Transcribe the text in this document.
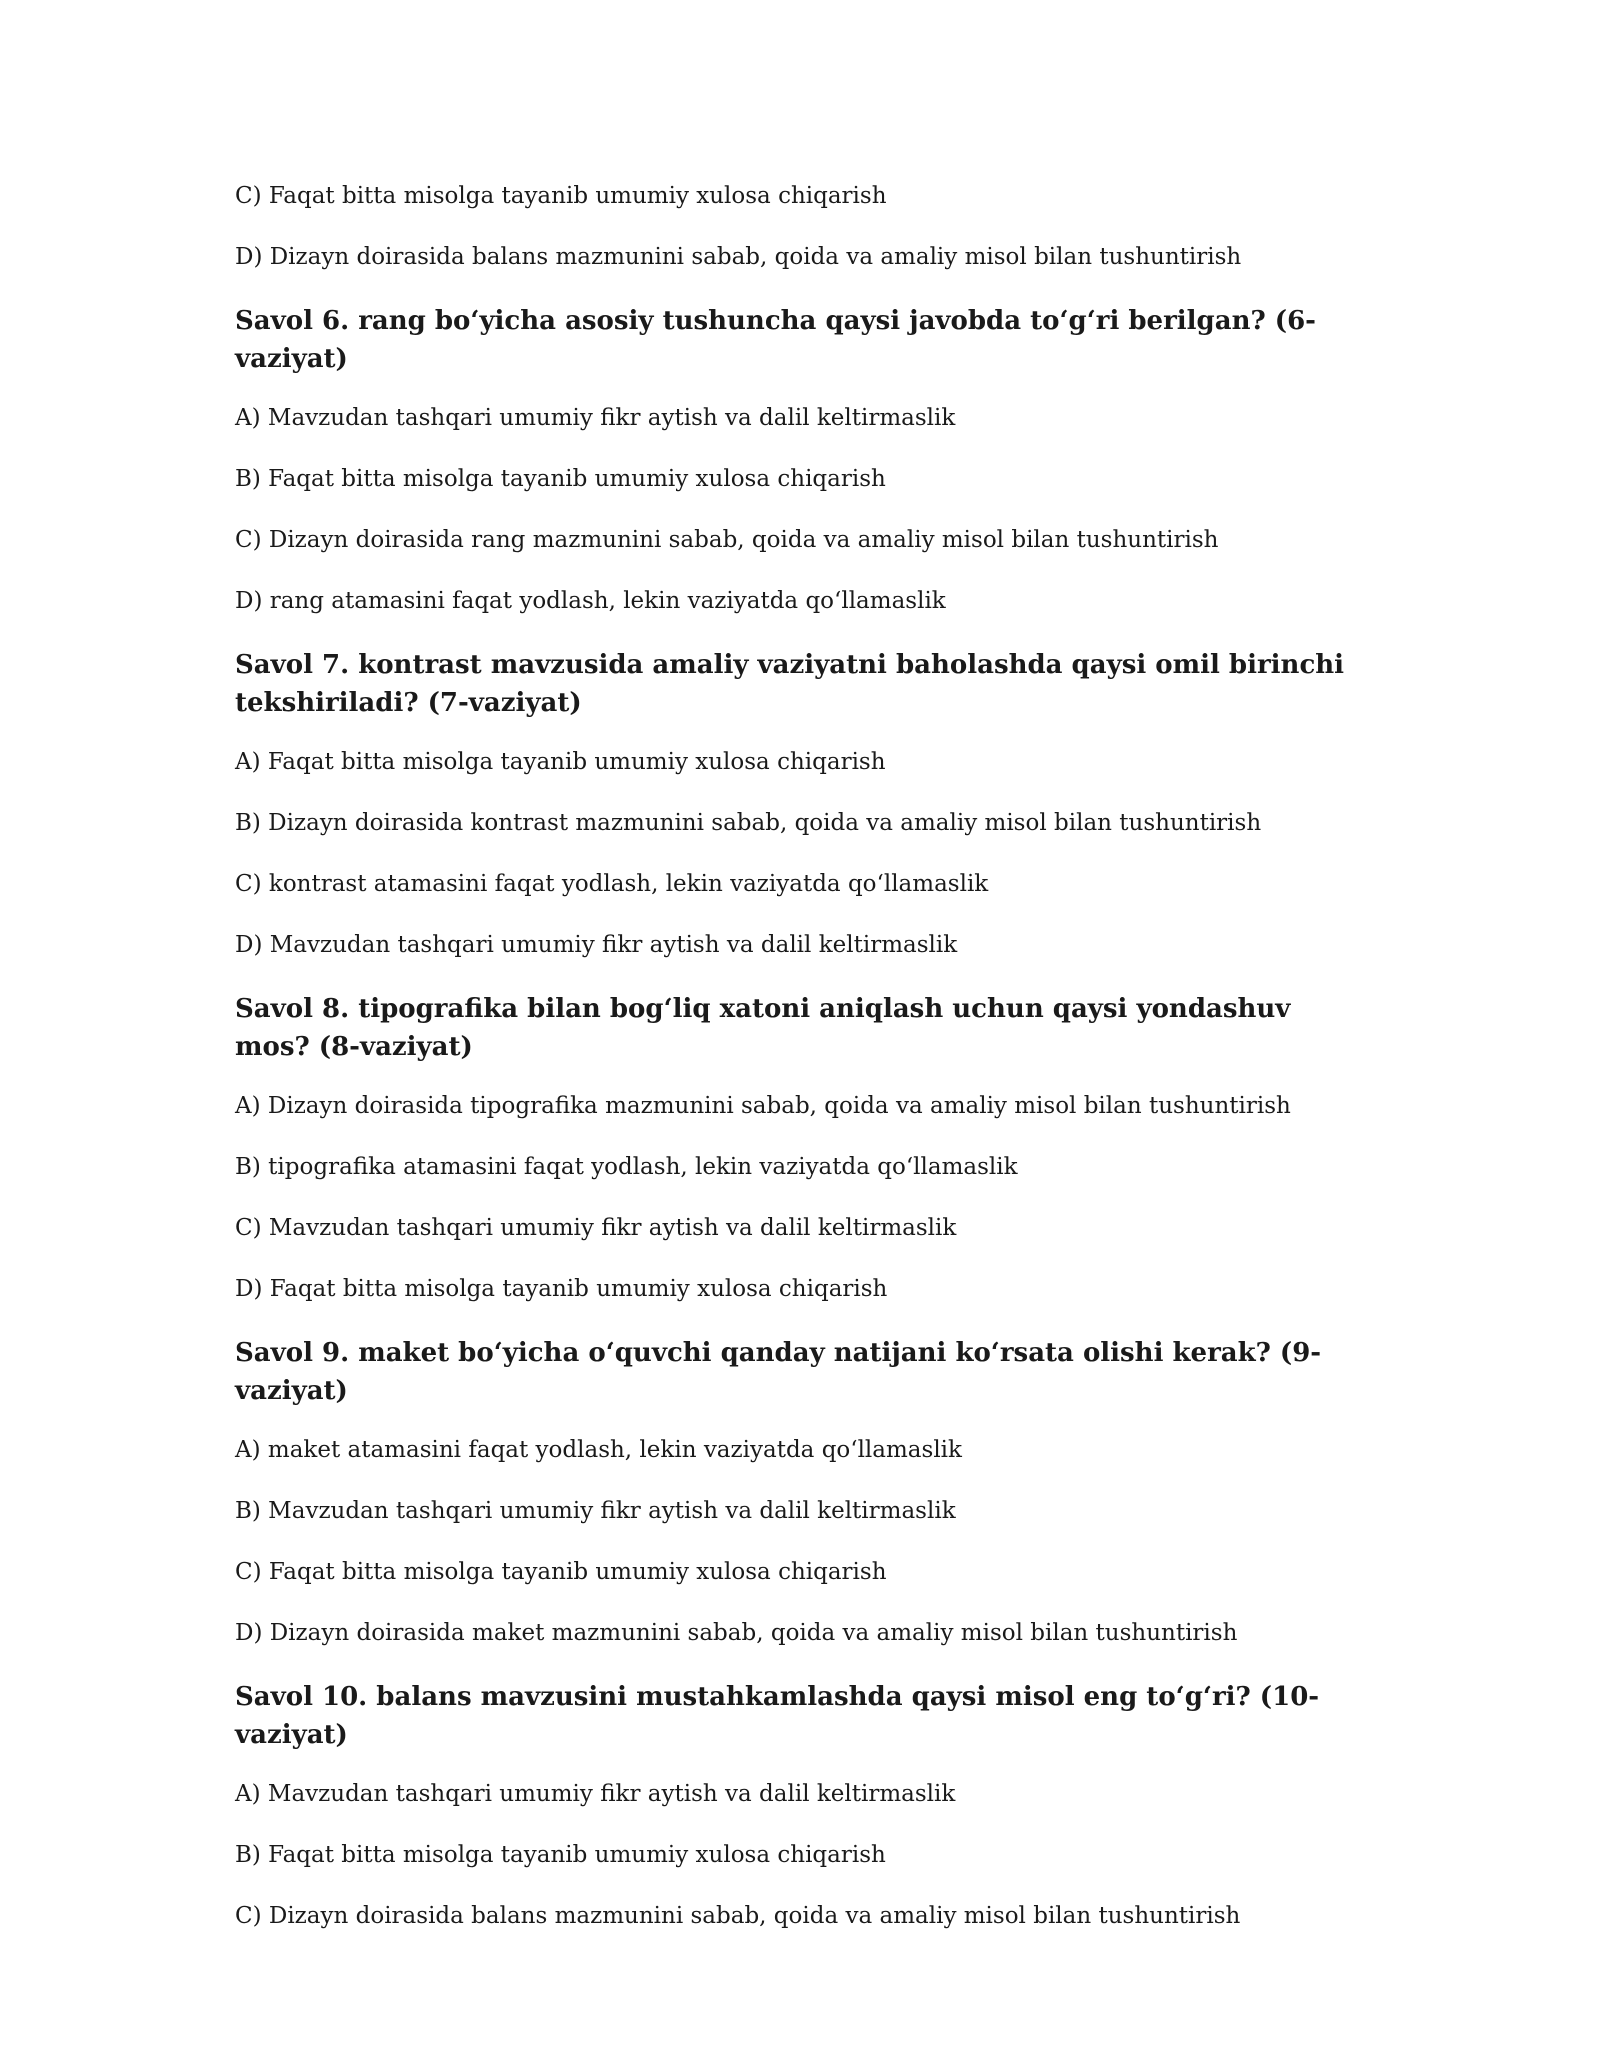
C) Faqat bitta misolga tayanib umumiy xulosa chiqarish

D) Dizayn doirasida balans mazmunini sabab, qoida va amaliy misol bilan tushuntirish

Savol 6. rang bo‘yicha asosiy tushuncha qaysi javobda to‘g‘ri berilgan? (6-vaziyat)

A) Mavzudan tashqari umumiy fikr aytish va dalil keltirmaslik

B) Faqat bitta misolga tayanib umumiy xulosa chiqarish

C) Dizayn doirasida rang mazmunini sabab, qoida va amaliy misol bilan tushuntirish

D) rang atamasini faqat yodlash, lekin vaziyatda qo‘llamaslik

Savol 7. kontrast mavzusida amaliy vaziyatni baholashda qaysi omil birinchi tekshiriladi? (7-vaziyat)

A) Faqat bitta misolga tayanib umumiy xulosa chiqarish

B) Dizayn doirasida kontrast mazmunini sabab, qoida va amaliy misol bilan tushuntirish

C) kontrast atamasini faqat yodlash, lekin vaziyatda qo‘llamaslik

D) Mavzudan tashqari umumiy fikr aytish va dalil keltirmaslik

Savol 8. tipografika bilan bog‘liq xatoni aniqlash uchun qaysi yondashuv mos? (8-vaziyat)

A) Dizayn doirasida tipografika mazmunini sabab, qoida va amaliy misol bilan tushuntirish

B) tipografika atamasini faqat yodlash, lekin vaziyatda qo‘llamaslik

C) Mavzudan tashqari umumiy fikr aytish va dalil keltirmaslik

D) Faqat bitta misolga tayanib umumiy xulosa chiqarish

Savol 9. maket bo‘yicha o‘quvchi qanday natijani ko‘rsata olishi kerak? (9-vaziyat)

A) maket atamasini faqat yodlash, lekin vaziyatda qo‘llamaslik

B) Mavzudan tashqari umumiy fikr aytish va dalil keltirmaslik

C) Faqat bitta misolga tayanib umumiy xulosa chiqarish

D) Dizayn doirasida maket mazmunini sabab, qoida va amaliy misol bilan tushuntirish

Savol 10. balans mavzusini mustahkamlashda qaysi misol eng to‘g‘ri? (10-vaziyat)

A) Mavzudan tashqari umumiy fikr aytish va dalil keltirmaslik

B) Faqat bitta misolga tayanib umumiy xulosa chiqarish

C) Dizayn doirasida balans mazmunini sabab, qoida va amaliy misol bilan tushuntirish
